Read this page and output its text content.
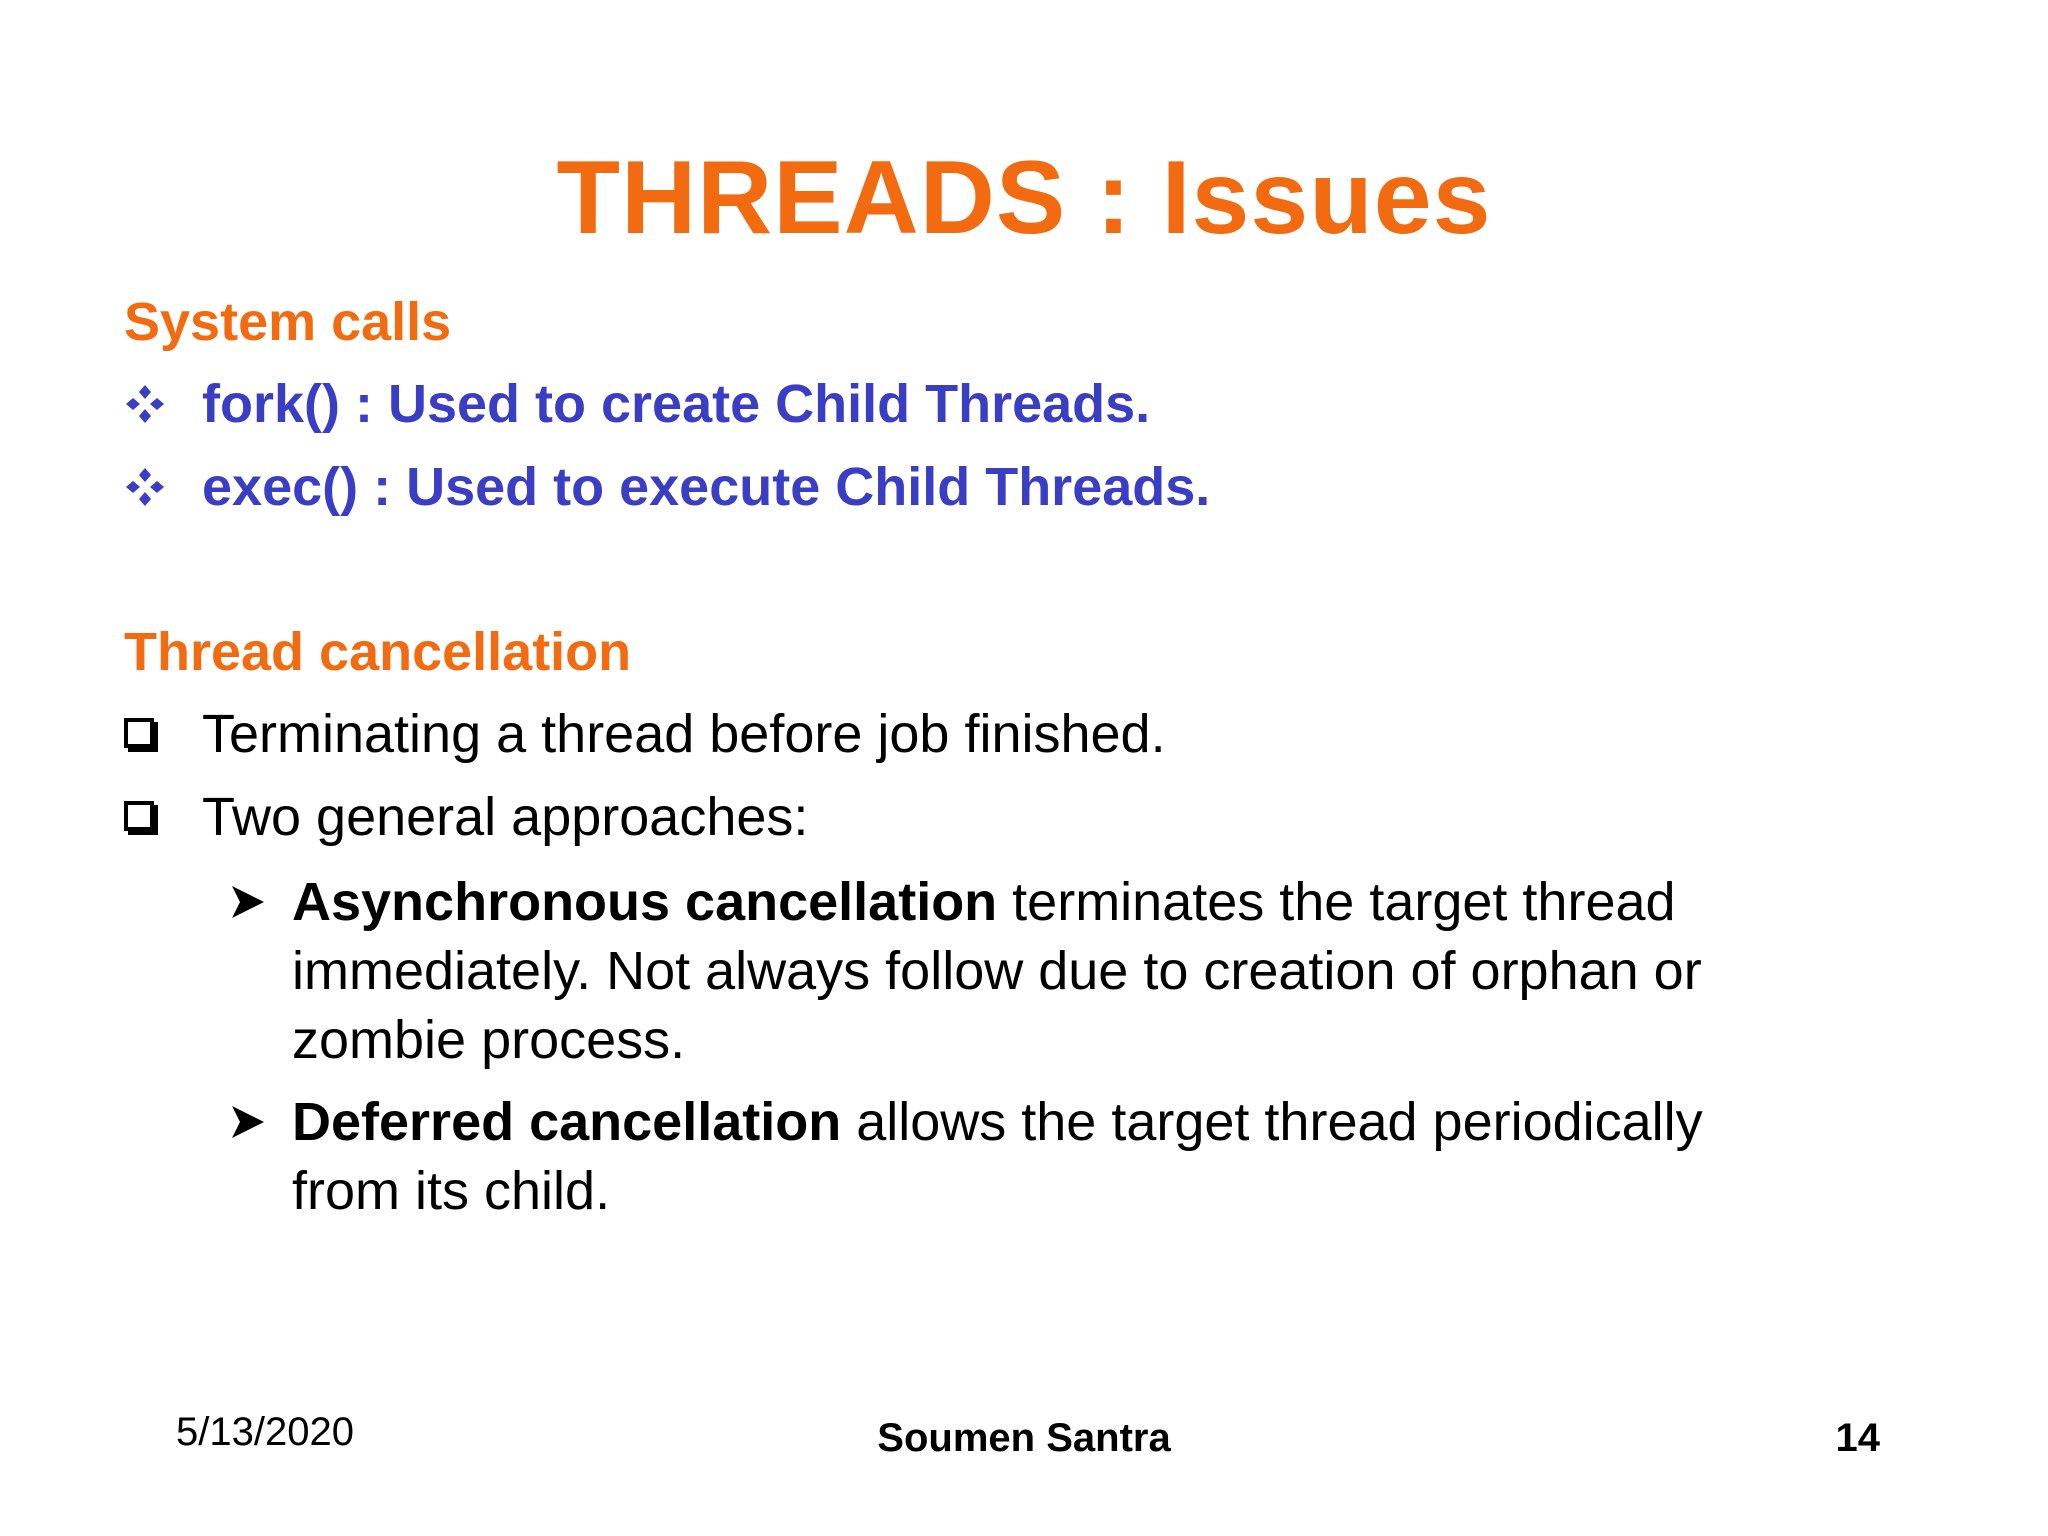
THREADS : Issues
System calls
fork() : Used to create Child Threads.
exec() : Used to execute Child Threads.
Thread cancellation
Terminating a thread before job finished.
Two general approaches:
Asynchronous cancellation terminates the target thread immediately. Not always follow due to creation of orphan or zombie process.
Deferred cancellation allows the target thread periodically from its child.
5/13/2020	Soumen Santra	14
